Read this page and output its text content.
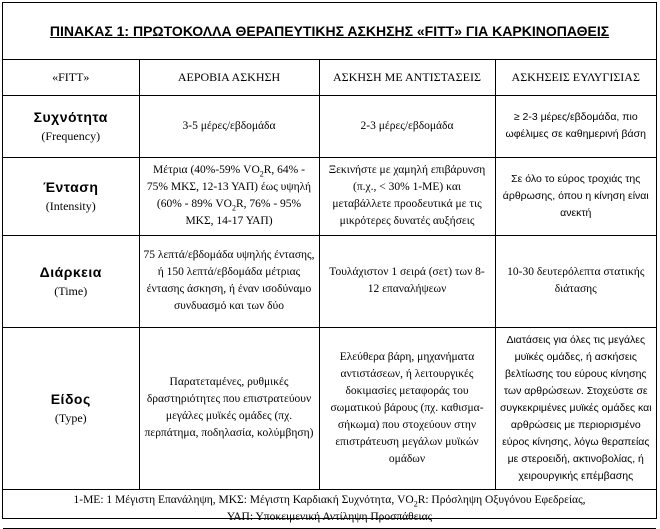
ΠΙΝΑΚΑΣ 1: ΠΡΩΤΟΚΟΛΛΑ ΘΕΡΑΠΕΥΤΙΚΗΣ ΑΣΚΗΣΗΣ «FITT» ΓΙΑ ΚΑΡΚΙΝΟΠΑΘΕΙΣ
«FITT»	ΑΕΡΟΒΙΑ ΑΣΚΗΣΗ	ΑΣΚΗΣΗ ΜΕ ΑΝΤΙΣΤΑΣΕΙΣ	ΑΣΚΗΣΕΙΣ ΕΥΛΥΓΙΣΙΑΣ

Συχνότητα
(Frequency)	3-5 μέρες/εβδομάδα	2-3 μέρες/εβδομάδα	≥ 2-3 μέρες/εβδομάδα, πιο ωφέλιμες σε καθημερινή βάση

Ένταση
(Intensity)	Μέτρια (40%-59% $VO_2R$, 64% - 75% ΜΚΣ, 12-13 ΥΑΠ) έως υψηλή (60% - 89% $VO_2R$, 76% - 95% ΜΚΣ, 14-17 ΥΑΠ)	Ξεκινήστε με χαμηλή επιβάρυνση (π.χ., < 30% 1-ΜΕ) και μεταβάλλετε προοδευτικά με τις μικρότερες δυνατές αυξήσεις	Σε όλο το εύρος τροχιάς της άρθρωσης, όπου η κίνηση είναι ανεκτή

Διάρκεια
(Time)	75 λεπτά/εβδομάδα υψηλής έντασης, ή 150 λεπτά/εβδομάδα μέτριας έντασης άσκηση, ή έναν ισοδύναμο συνδυασμό και των δύο	Τουλάχιστον 1 σειρά (σετ) των 8-12 επαναλήψεων	10-30 δευτερόλεπτα στατικής διάτασης

Είδος
(Type)	Παρατεταμένες, ρυθμικές δραστηριότητες που επιστρατεύουν μεγάλες μυϊκές ομάδες (πχ. περπάτημα, ποδηλασία, κολύμβηση)	Ελεύθερα βάρη, μηχανήματα αντιστάσεων, ή λειτουργικές δοκιμασίες μεταφοράς του σωματικού βάρους (πχ. καθισμα-σήκωμα) που στοχεύουν στην επιστράτευση μεγάλων μυϊκών ομάδων	Διατάσεις για όλες τις μεγάλες μυϊκές ομάδες, ή ασκήσεις βελτίωσης του εύρους κίνησης των αρθρώσεων. Στοχεύστε σε συγκεκριμένες μυϊκές ομάδες και αρθρώσεις με περιορισμένο εύρος κίνησης, λόγω θεραπείας με στεροειδή, ακτινοβολίας, ή χειρουργικής επέμβασης

1-ΜΕ: 1 Μέγιστη Επανάληψη, ΜΚΣ: Μέγιστη Καρδιακή Συχνότητα, $VO_2R$: Πρόσληψη Οξυγόνου Εφεδρείας,
ΥΑΠ: Υποκειμενική Αντίληψη Προσπάθειας			
